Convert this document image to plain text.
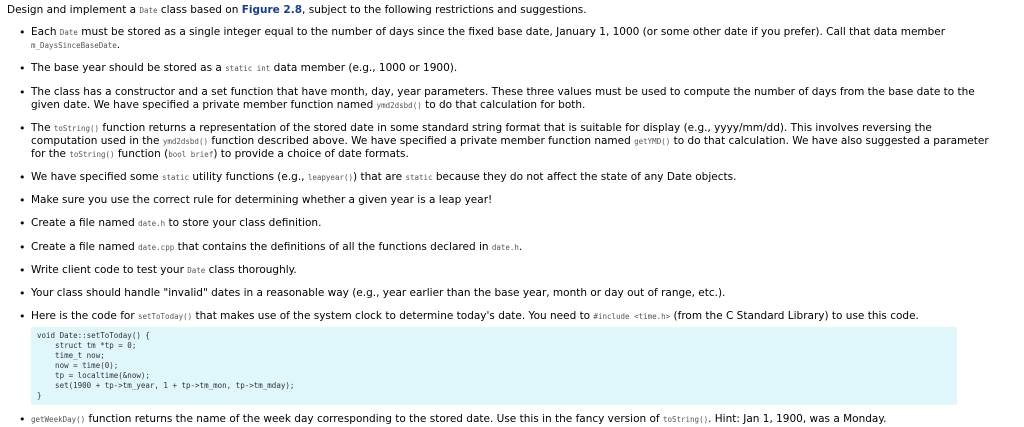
Design and implement a Date class based on Figure 2.8, subject to the following restrictions and suggestions.

• Each Date must be stored as a single integer equal to the number of days since the fixed base date, January 1, 1000 (or some other date if you prefer). Call that data member m_DaysSinceBaseDate.
• The base year should be stored as a static int data member (e.g., 1000 or 1900).
• The class has a constructor and a set function that have month, day, year parameters. These three values must be used to compute the number of days from the base date to the given date. We have specified a private member function named ymd2dsbd() to do that calculation for both.
• The toString() function returns a representation of the stored date in some standard string format that is suitable for display (e.g., yyyy/mm/dd). This involves reversing the computation used in the ymd2dsbd() function described above. We have specified a private member function named getYMD() to do that calculation. We have also suggested a parameter for the toString() function (bool brief) to provide a choice of date formats.
• We have specified some static utility functions (e.g., leapyear()) that are static because they do not affect the state of any Date objects.
• Make sure you use the correct rule for determining whether a given year is a leap year!
• Create a file named date.h to store your class definition.
• Create a file named date.cpp that contains the definitions of all the functions declared in date.h.
• Write client code to test your Date class thoroughly.
• Your class should handle "invalid" dates in a reasonable way (e.g., year earlier than the base year, month or day out of range, etc.).
• Here is the code for setToToday() that makes use of the system clock to determine today's date. You need to #include <time.h> (from the C Standard Library) to use this code.
void Date::setToToday() {
struct tm *tp = 0;
time_t now;
now = time(0);
tp = localtime(&now);
set(1900 + tp->tm_year, 1 + tp->tm_mon, tp->tm_mday);
}
• getWeekDay() function returns the name of the week day corresponding to the stored date. Use this in the fancy version of toString(). Hint: Jan 1, 1900, was a Monday.
